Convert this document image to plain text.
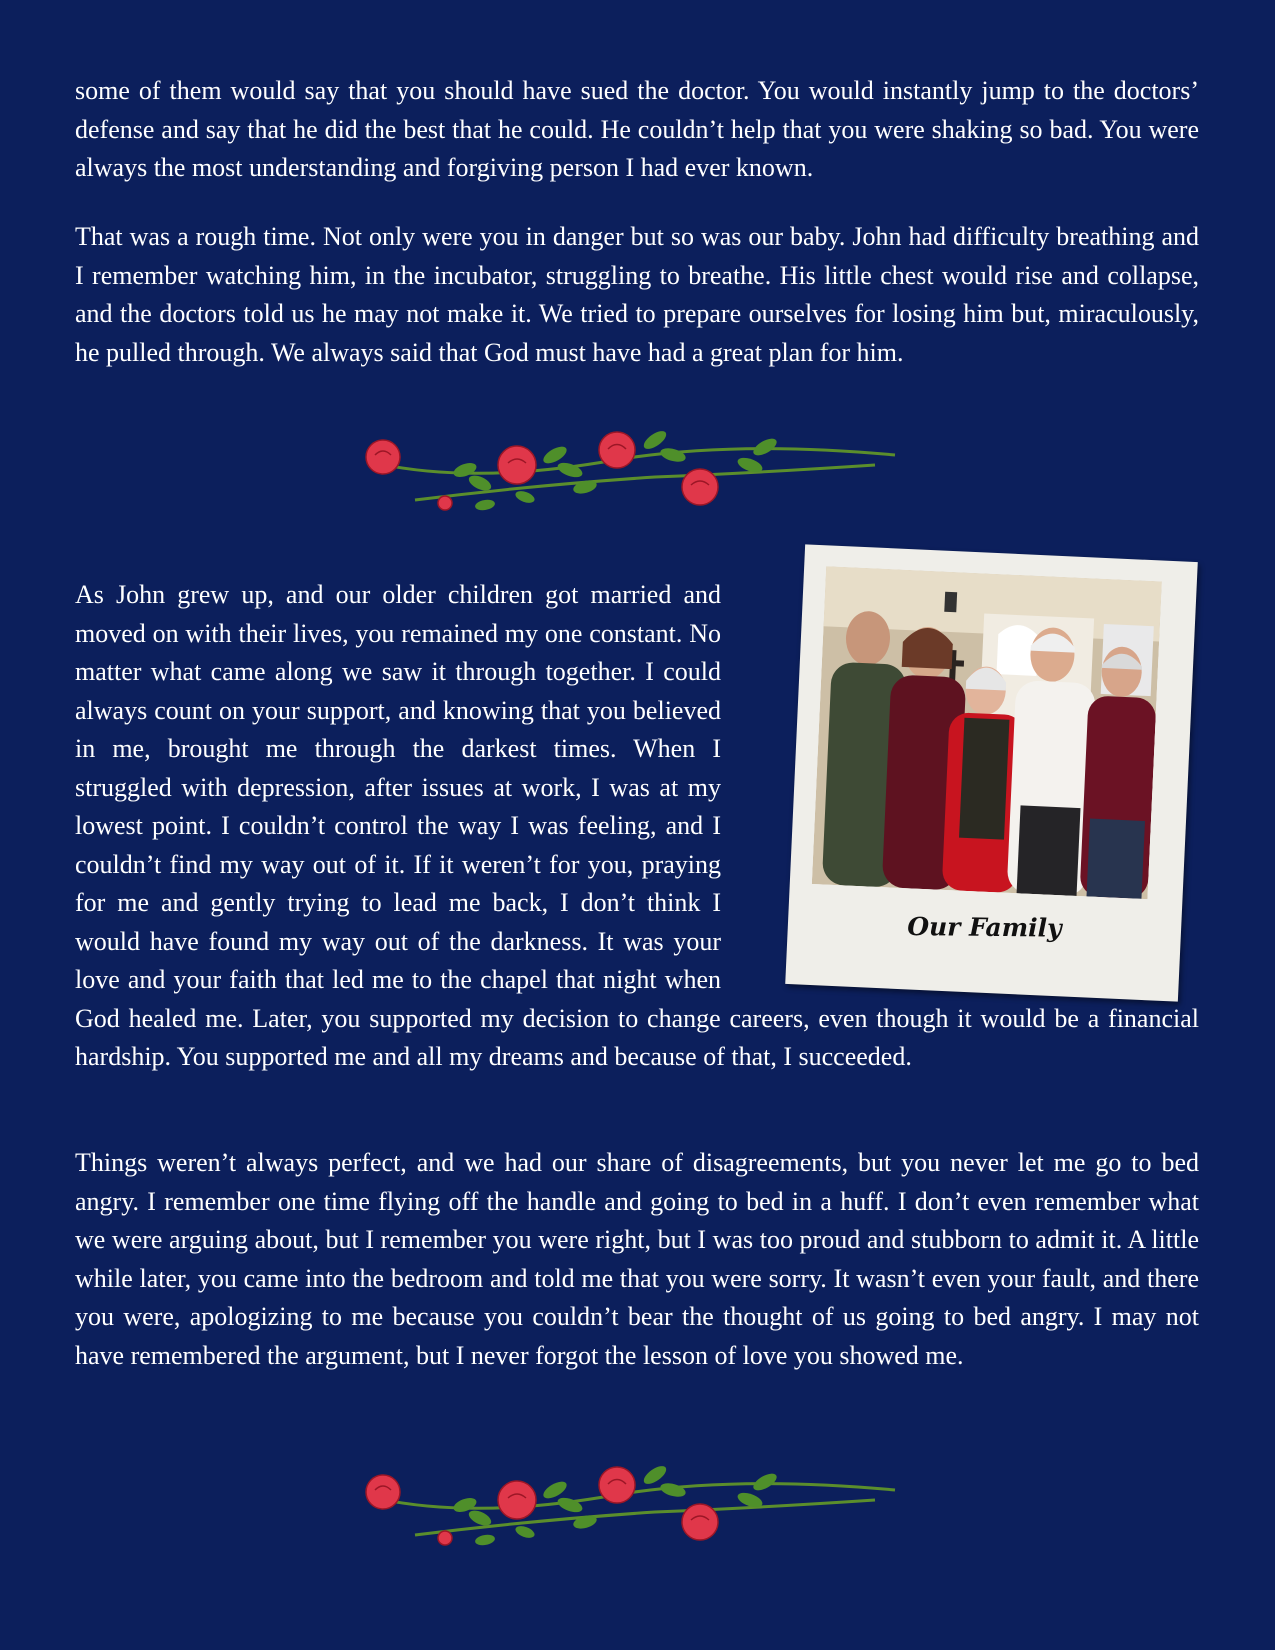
some of them would say that you should have sued the doctor. You would instantly jump to the doctors’ defense and say that he did the best that he could. He couldn’t help that you were shaking so bad. You were always the most understanding and forgiving person I had ever known.

That was a rough time. Not only were you in danger but so was our baby. John had difficulty breathing and I remember watching him, in the incubator, struggling to breathe. His little chest would rise and collapse, and the doctors told us he may not make it. We tried to prepare ourselves for losing him but, miraculously, he pulled through. We always said that God must have had a great plan for him.

As John grew up, and our older children got married and moved on with their lives, you remained my one constant. No matter what came along we saw it through together. I could always count on your support, and knowing that you believed in me, brought me through the darkest times. When I struggled with depression, after issues at work, I was at my lowest point. I couldn’t control the way I was feeling, and I couldn’t find my way out of it. If it weren’t for you, praying for me and gently trying to lead me back, I don’t think I would have found my way out of the darkness. It was your love and your faith that led me to the chapel that night when God healed me. Later, you supported my decision to change careers, even though it would be a financial hardship. You supported me and all my dreams and because of that, I succeeded.
Our Family

Things weren’t always perfect, and we had our share of disagreements, but you never let me go to bed angry. I remember one time flying off the handle and going to bed in a huff. I don’t even remember what we were arguing about, but I remember you were right, but I was too proud and stubborn to admit it. A little while later, you came into the bedroom and told me that you were sorry. It wasn’t even your fault, and there you were, apologizing to me because you couldn’t bear the thought of us going to bed angry. I may not have remembered the argument, but I never forgot the lesson of love you showed me.
